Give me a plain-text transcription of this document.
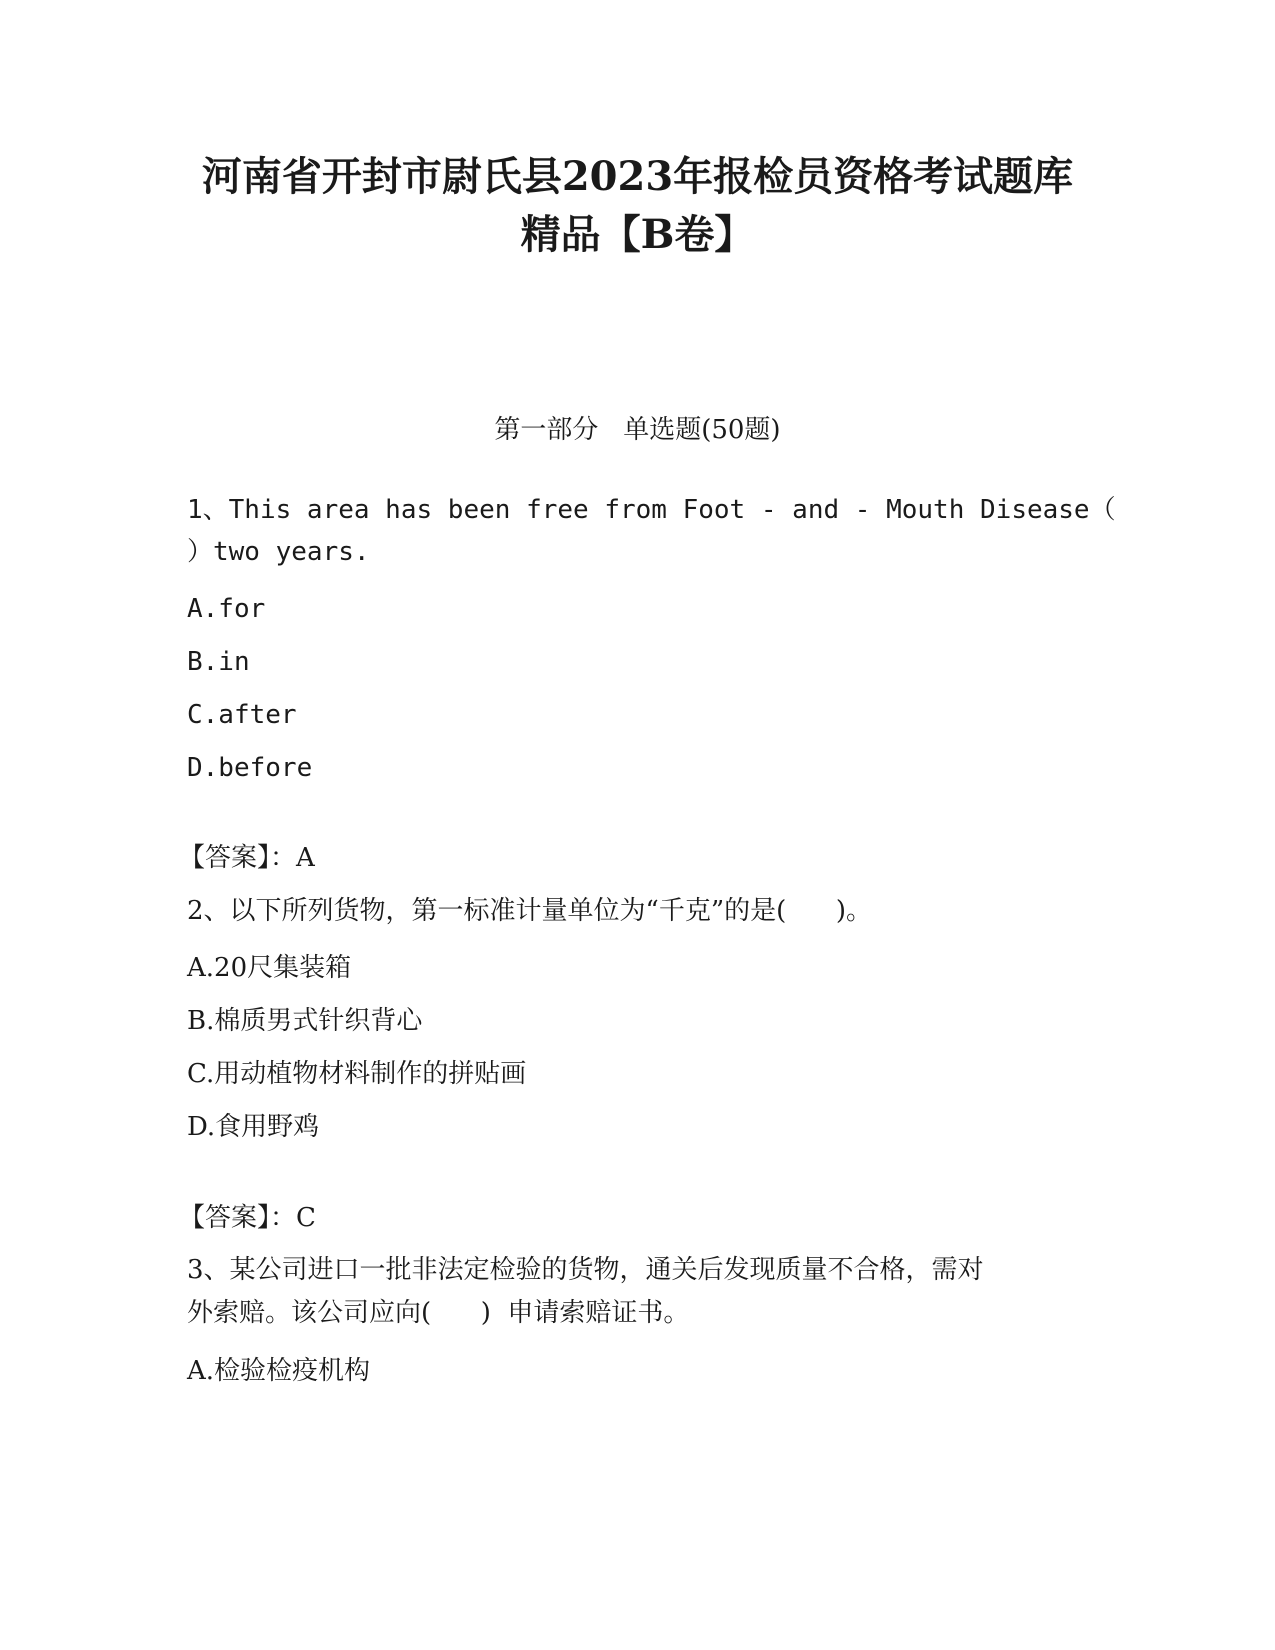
河南省开封市尉氏县2023年报检员资格考试题库
精品【B卷】
第一部分   单选题(50题)
1、This area has been free from Foot - and - Mouth Disease（
）two years.
A.for
B.in
C.after
D.before
【答案】：A
2、以下所列货物，第一标准计量单位为“千克”的是(      )。
A.20尺集装箱
B.棉质男式针织背心
C.用动植物材料制作的拼贴画
D.食用野鸡
【答案】：C
3、某公司进口一批非法定检验的货物，通关后发现质量不合格，需对
外索赔。该公司应向(      )  申请索赔证书。
A.检验检疫机构
